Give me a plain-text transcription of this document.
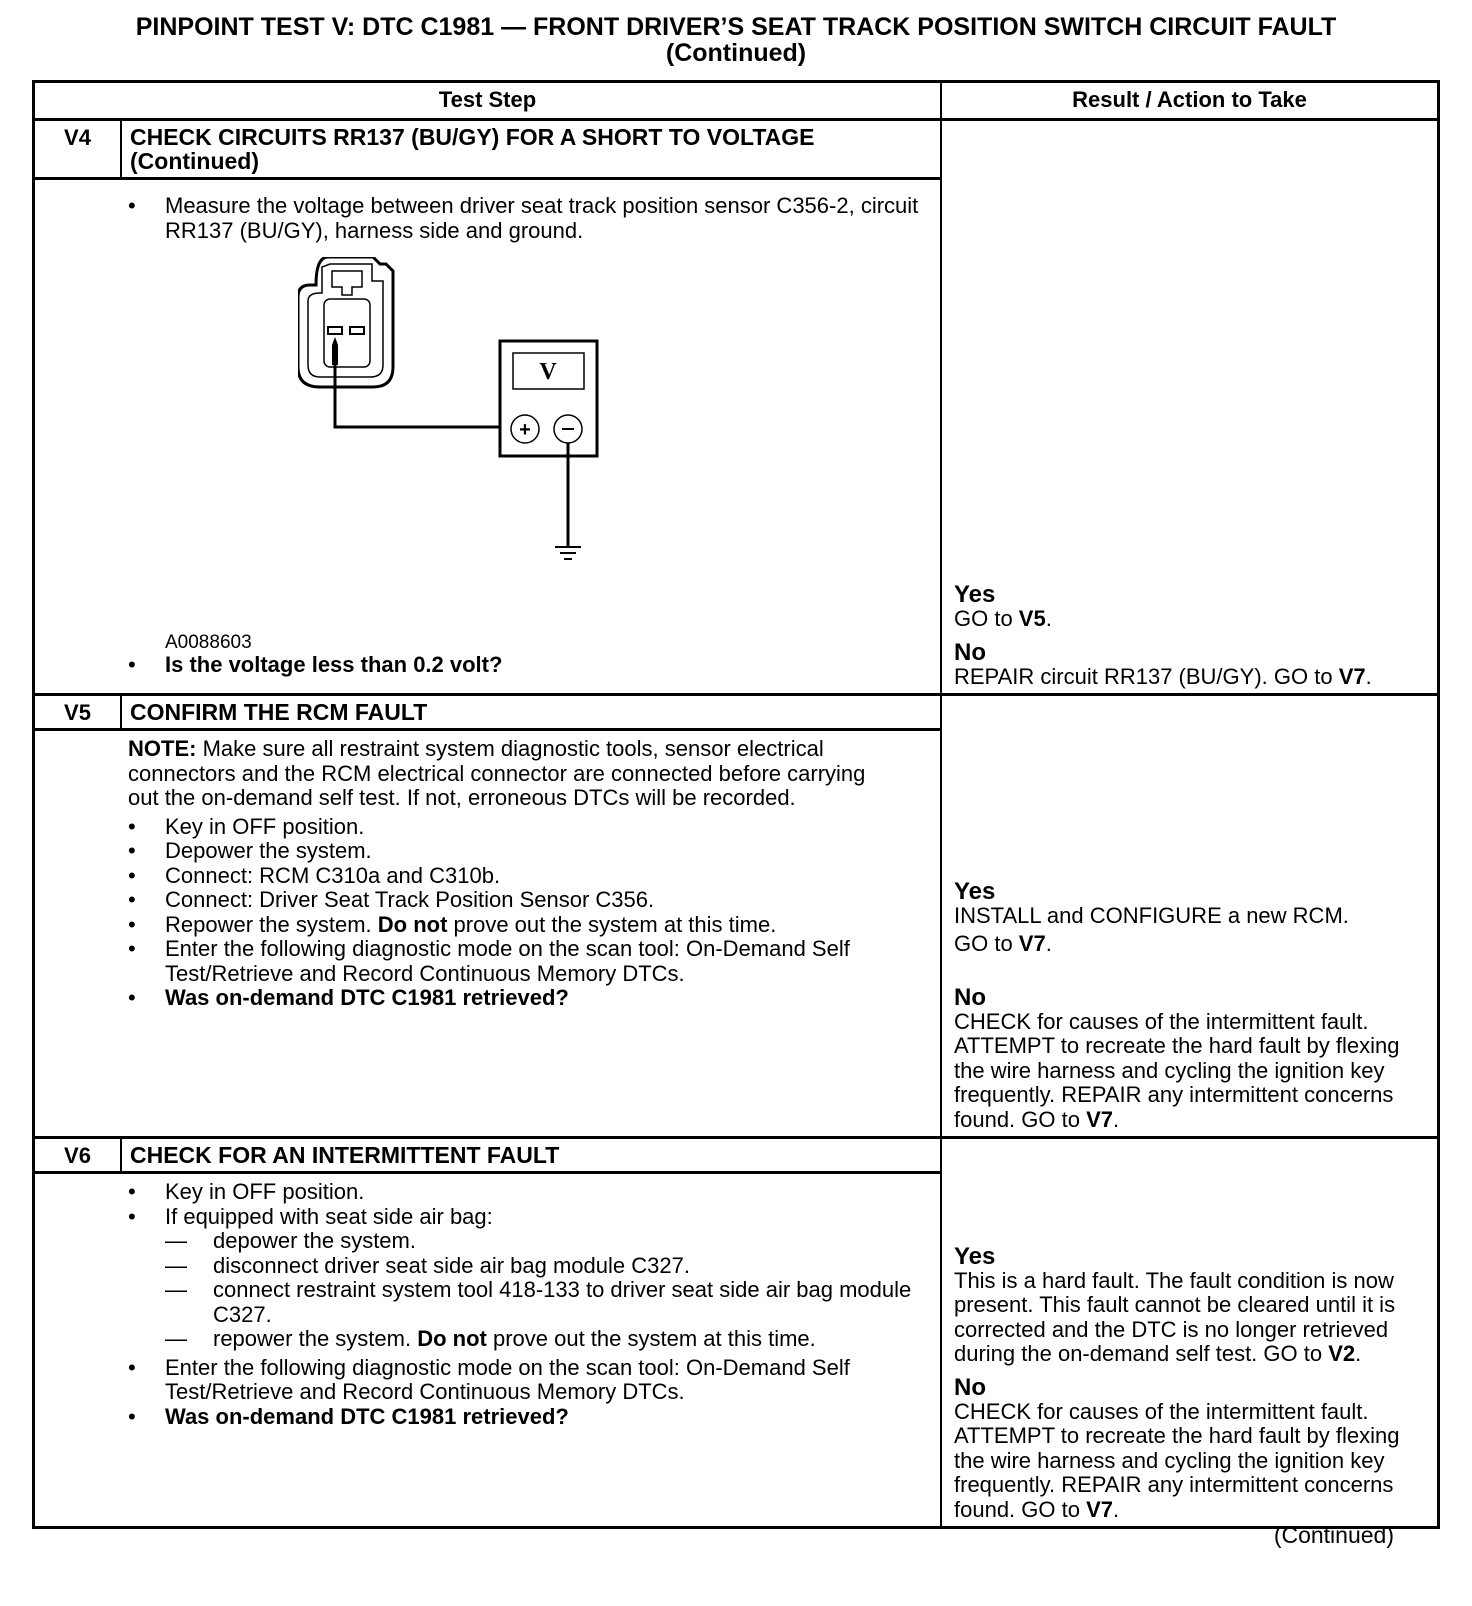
PINPOINT TEST V: DTC C1981 — FRONT DRIVER’S SEAT TRACK POSITION SWITCH CIRCUIT FAULT
(Continued)
Test Step	Result / Action to Take
V4	CHECK CIRCUITS RR137 (BU/GY) FOR A SHORT TO VOLTAGE (Continued)
•	Measure the voltage between driver seat track position sensor C356-2, circuit RR137 (BU/GY), harness side and ground.
V
+
A0088603
•	Is the voltage less than 0.2 volt?
Yes
GO to V5.
No
REPAIR circuit RR137 (BU/GY). GO to V7.
V5	CONFIRM THE RCM FAULT
NOTE: Make sure all restraint system diagnostic tools, sensor electrical connectors and the RCM electrical connector are connected before carrying out the on-demand self test. If not, erroneous DTCs will be recorded.
•	Key in OFF position.
•	Depower the system.
•	Connect: RCM C310a and C310b.
•	Connect: Driver Seat Track Position Sensor C356.
•	Repower the system. Do not prove out the system at this time.
•	Enter the following diagnostic mode on the scan tool: On-Demand Self Test/Retrieve and Record Continuous Memory DTCs.
•	Was on-demand DTC C1981 retrieved?
Yes
INSTALL and CONFIGURE a new RCM.
GO to V7.
No
CHECK for causes of the intermittent fault. ATTEMPT to recreate the hard fault by flexing the wire harness and cycling the ignition key frequently. REPAIR any intermittent concerns found. GO to V7.
V6	CHECK FOR AN INTERMITTENT FAULT
•	Key in OFF position.
•	If equipped with seat side air bag:
—	depower the system.
—	disconnect driver seat side air bag module C327.
—	connect restraint system tool 418-133 to driver seat side air bag module C327.
—	repower the system. Do not prove out the system at this time.
•	Enter the following diagnostic mode on the scan tool: On-Demand Self Test/Retrieve and Record Continuous Memory DTCs.
•	Was on-demand DTC C1981 retrieved?
Yes
This is a hard fault. The fault condition is now present. This fault cannot be cleared until it is corrected and the DTC is no longer retrieved during the on-demand self test. GO to V2.
No
CHECK for causes of the intermittent fault. ATTEMPT to recreate the hard fault by flexing the wire harness and cycling the ignition key frequently. REPAIR any intermittent concerns found. GO to V7.
(Continued)
